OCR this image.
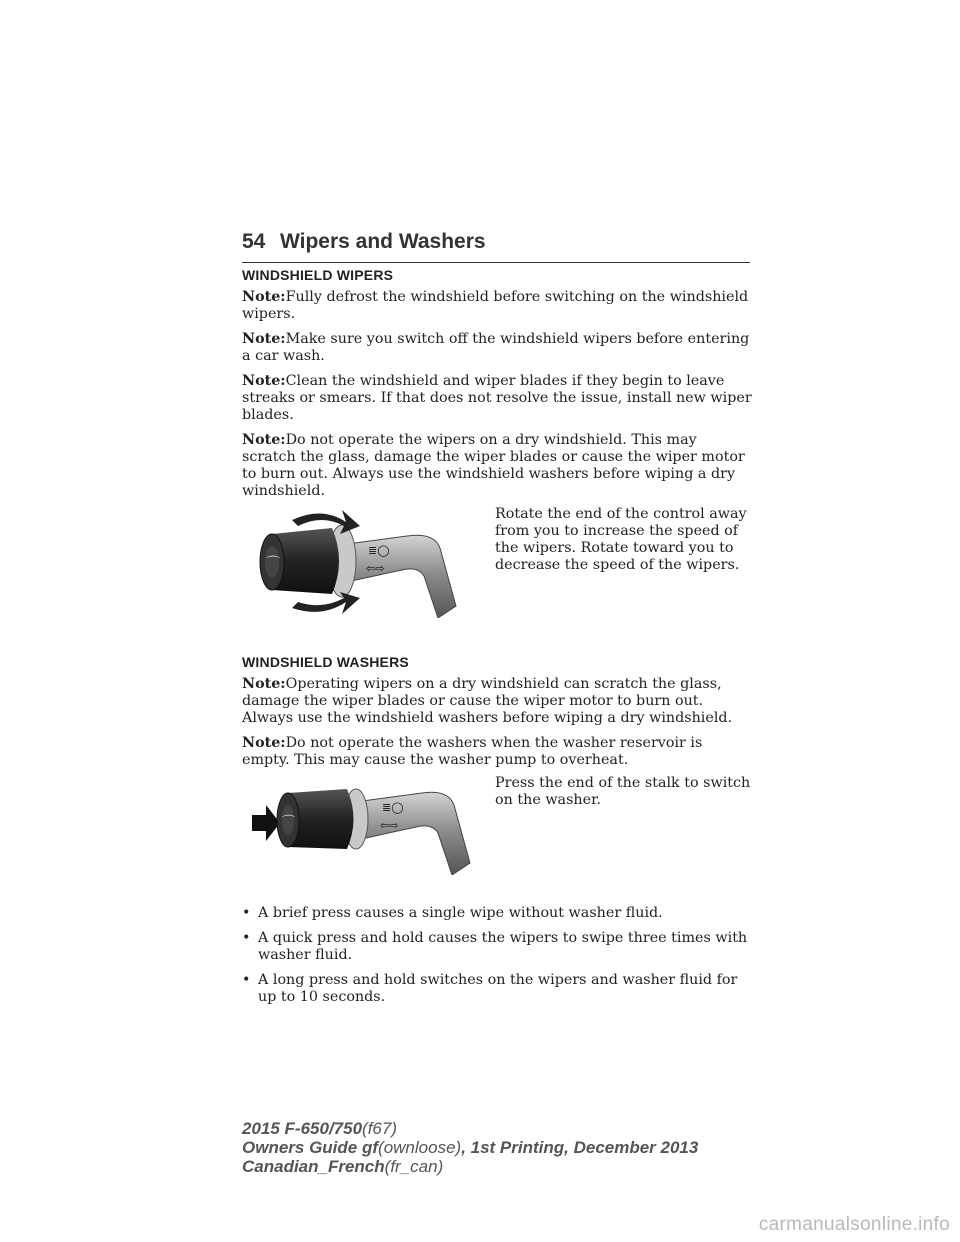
54 Wipers and Washers
WINDSHIELD WIPERS

Note:Fully defrost the windshield before switching on the windshield wipers.

Note:Make sure you switch off the windshield wipers before entering a car wash.

Note:Clean the windshield and wiper blades if they begin to leave streaks or smears. If that does not resolve the issue, install new wiper blades.

Note:Do not operate the wipers on a dry windshield. This may scratch the glass, damage the wiper blades or cause the wiper motor to burn out. Always use the windshield washers before wiping a dry windshield.

⌒
≣◯
⇦⇨
Rotate the end of the control away from you to increase the speed of the wipers. Rotate toward you to decrease the speed of the wipers.
WINDSHIELD WASHERS

Note:Operating wipers on a dry windshield can scratch the glass, damage the wiper blades or cause the wiper motor to burn out. Always use the windshield washers before wiping a dry windshield.

Note:Do not operate the washers when the washer reservoir is empty. This may cause the washer pump to overheat.

⌒
≣◯
⇦⇨
Press the end of the stalk to switch on the washer.
• A brief press causes a single wipe without washer fluid.
• A quick press and hold causes the wipers to swipe three times with washer fluid.
• A long press and hold switches on the wipers and washer fluid for up to 10 seconds.
2015 F-650/750(f67)
Owners Guide gf(ownloose), 1st Printing, December 2013
Canadian_French(fr_can)
carmanualsonline.info
